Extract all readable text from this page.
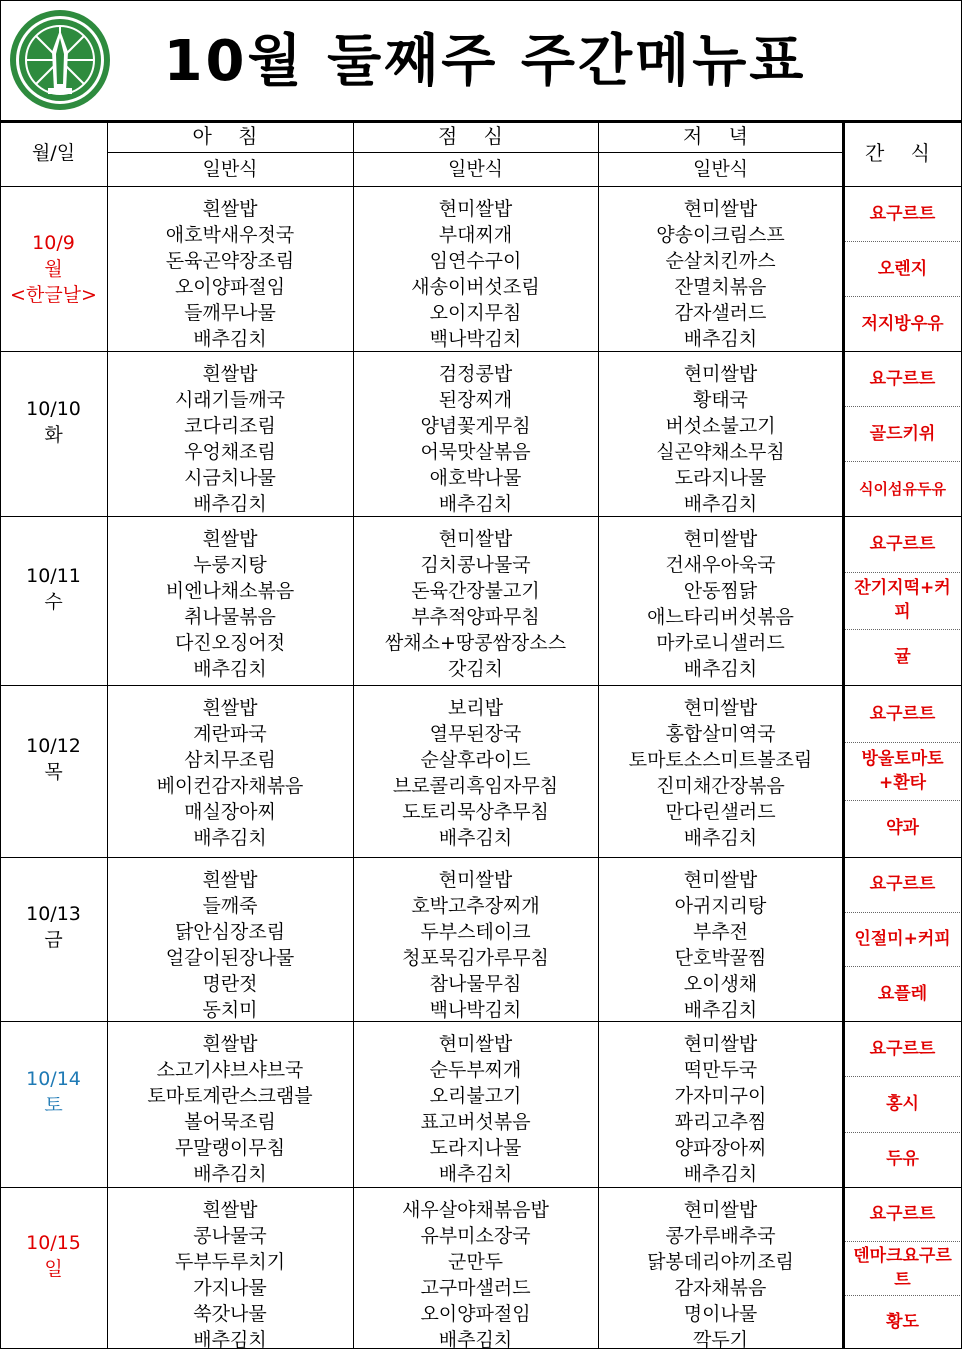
10월 둘째주 주간메뉴표
월/일
아 침
일반식
점 심
일반식
저 녁
일반식
간 식
10/9
월
<한글날>
흰쌀밥
애호박새우젓국
돈육곤약장조림
오이양파절임
들깨무나물
배추김치
현미쌀밥
부대찌개
임연수구이
새송이버섯조림
오이지무침
백나박김치
현미쌀밥
양송이크림스프
순살치킨까스
잔멸치볶음
감자샐러드
배추김치
요구르트
오렌지
저지방우유
10/10
화
흰쌀밥
시래기들깨국
코다리조림
우엉채조림
시금치나물
배추김치
검정콩밥
된장찌개
양념꽃게무침
어묵맛살볶음
애호박나물
배추김치
현미쌀밥
황태국
버섯소불고기
실곤약채소무침
도라지나물
배추김치
요구르트
골드키위
식이섬유두유
10/11
수
흰쌀밥
누룽지탕
비엔나채소볶음
취나물볶음
다진오징어젓
배추김치
현미쌀밥
김치콩나물국
돈육간장불고기
부추적양파무침
쌈채소+땅콩쌈장소스
갓김치
현미쌀밥
건새우아욱국
안동찜닭
애느타리버섯볶음
마카로니샐러드
배추김치
요구르트
잔기지떡+커피
귤
10/12
목
흰쌀밥
계란파국
삼치무조림
베이컨감자채볶음
매실장아찌
배추김치
보리밥
열무된장국
순살후라이드
브로콜리흑임자무침
도토리묵상추무침
배추김치
현미쌀밥
홍합살미역국
토마토소스미트볼조림
진미채간장볶음
만다린샐러드
배추김치
요구르트
방울토마토+환타
약과
10/13
금
흰쌀밥
들깨죽
닭안심장조림
얼갈이된장나물
명란젓
동치미
현미쌀밥
호박고추장찌개
두부스테이크
청포묵김가루무침
참나물무침
백나박김치
현미쌀밥
아귀지리탕
부추전
단호박꿀찜
오이생채
배추김치
요구르트
인절미+커피
요플레
10/14
토
흰쌀밥
소고기샤브샤브국
토마토계란스크램블
볼어묵조림
무말랭이무침
배추김치
현미쌀밥
순두부찌개
오리불고기
표고버섯볶음
도라지나물
배추김치
현미쌀밥
떡만두국
가자미구이
꽈리고추찜
양파장아찌
배추김치
요구르트
홍시
두유
10/15
일
흰쌀밥
콩나물국
두부두루치기
가지나물
쑥갓나물
배추김치
새우살야채볶음밥
유부미소장국
군만두
고구마샐러드
오이양파절임
배추김치
현미쌀밥
콩가루배추국
닭봉데리야끼조림
감자채볶음
명이나물
깍두기
요구르트
덴마크요구르트
황도
